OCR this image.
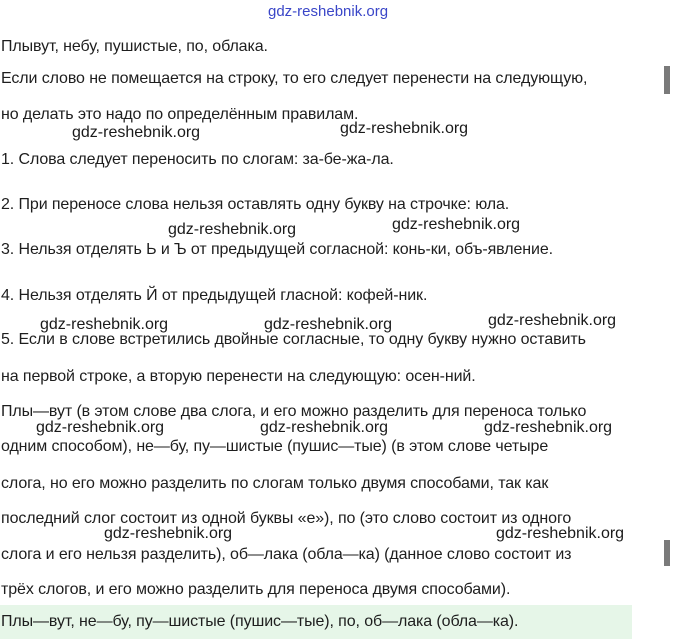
gdz-reshebnik.org
Плывут, небу, пушистые, по, облака.
Если слово не помещается на строку, то его следует перенести на следующую,
но делать это надо по определённым правилам.
gdz-reshebnik.org	gdz-reshebnik.org
1. Слова следует переносить по слогам: за-бе-жа-ла.
2. При переносе слова нельзя оставлять одну букву на строчке: юла.
gdz-reshebnik.org	gdz-reshebnik.org
3. Нельзя отделять Ь и Ъ от предыдущей согласной: конь-ки, объ-явление.
4. Нельзя отделять Й от предыдущей гласной: кофей-ник.
gdz-reshebnik.org	gdz-reshebnik.org	gdz-reshebnik.org
5. Если в слове встретились двойные согласные, то одну букву нужно оставить
на первой строке, а вторую перенести на следующую: осен-ний.
Плы—вут (в этом слове два слога, и его можно разделить для переноса только
gdz-reshebnik.org	gdz-reshebnik.org	gdz-reshebnik.org
одним способом), не—бу, пу—шистые (пушис—тые) (в этом слове четыре
слога, но его можно разделить по слогам только двумя способами, так как
последний слог состоит из одной буквы «е»), по (это слово состоит из одного
gdz-reshebnik.org	gdz-reshebnik.org
слога и его нельзя разделить), об—лака (обла—ка) (данное слово состоит из
трёх слогов, и его можно разделить для переноса двумя способами).
Плы—вут, не—бу, пу—шистые (пушис—тые), по, об—лака (обла—ка).
